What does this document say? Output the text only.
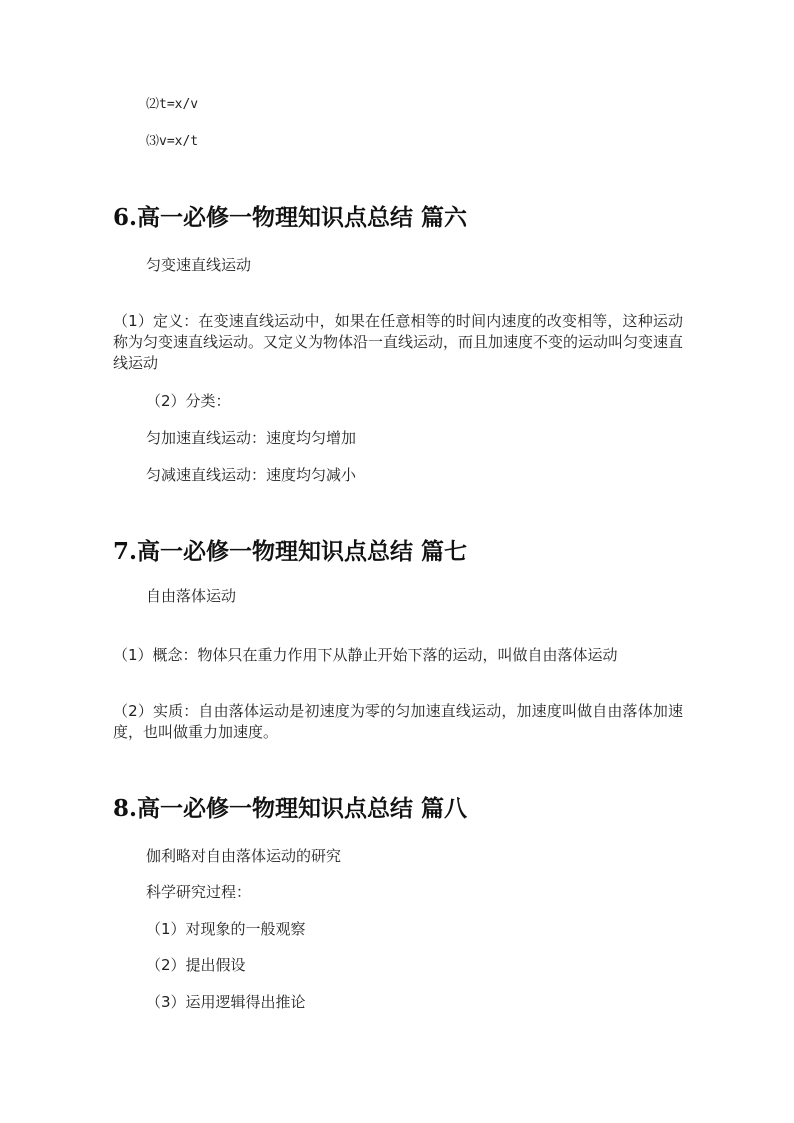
⑵t=x/v
⑶v=x/t
6.高一必修一物理知识点总结 篇六
匀变速直线运动
（1）定义：在变速直线运动中，如果在任意相等的时间内速度的改变相等，这种运动称为匀变速直线运动。又定义为物体沿一直线运动，而且加速度不变的运动叫匀变速直线运动
（2）分类：
匀加速直线运动：速度均匀增加
匀减速直线运动：速度均匀减小
7.高一必修一物理知识点总结 篇七
自由落体运动
（1）概念：物体只在重力作用下从静止开始下落的运动，叫做自由落体运动
（2）实质：自由落体运动是初速度为零的匀加速直线运动，加速度叫做自由落体加速度，也叫做重力加速度。
8.高一必修一物理知识点总结 篇八
伽利略对自由落体运动的研究
科学研究过程：
（1）对现象的一般观察
（2）提出假设
（3）运用逻辑得出推论
